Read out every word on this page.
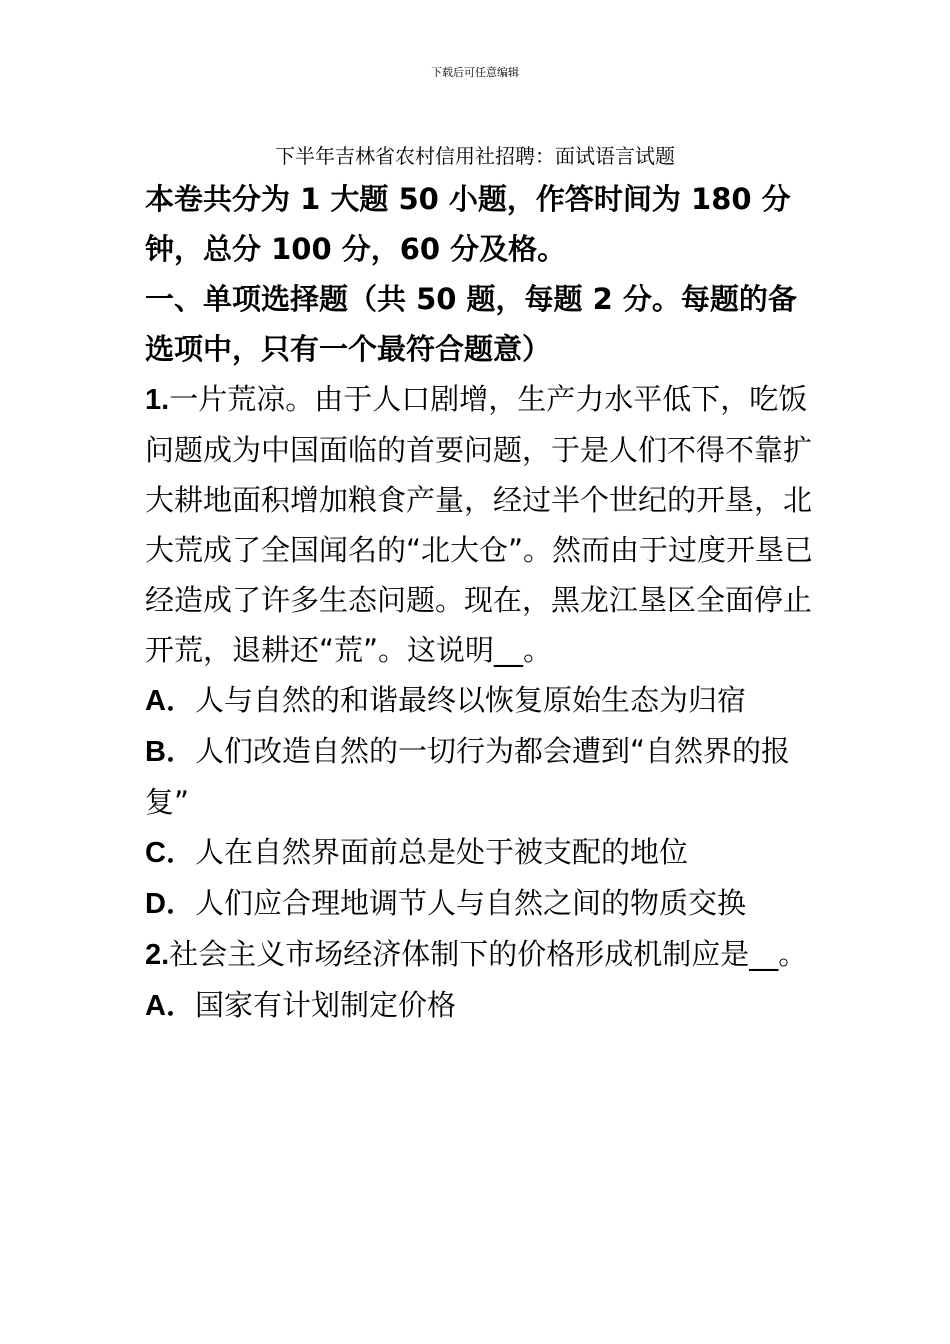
下载后可任意编辑
下半年吉林省农村信用社招聘：面试语言试题

本卷共分为 1 大题 50 小题，作答时间为 180 分钟，总分 100 分，60 分及格。

一、单项选择题（共 50 题，每题 2 分。每题的备选项中，只有一个最符合题意）

1.一片荒凉。由于人口剧增，生产力水平低下，吃饭问题成为中国面临的首要问题，于是人们不得不靠扩大耕地面积增加粮食产量，经过半个世纪的开垦，北大荒成了全国闻名的“北大仓”。然而由于过度开垦已经造成了许多生态问题。现在，黑龙江垦区全面停止开荒，退耕还“荒”。这说明__。

A．人与自然的和谐最终以恢复原始生态为归宿

B．人们改造自然的一切行为都会遭到“自然界的报复”

C．人在自然界面前总是处于被支配的地位

D．人们应合理地调节人与自然之间的物质交换

2.社会主义市场经济体制下的价格形成机制应是__。

A．国家有计划制定价格
